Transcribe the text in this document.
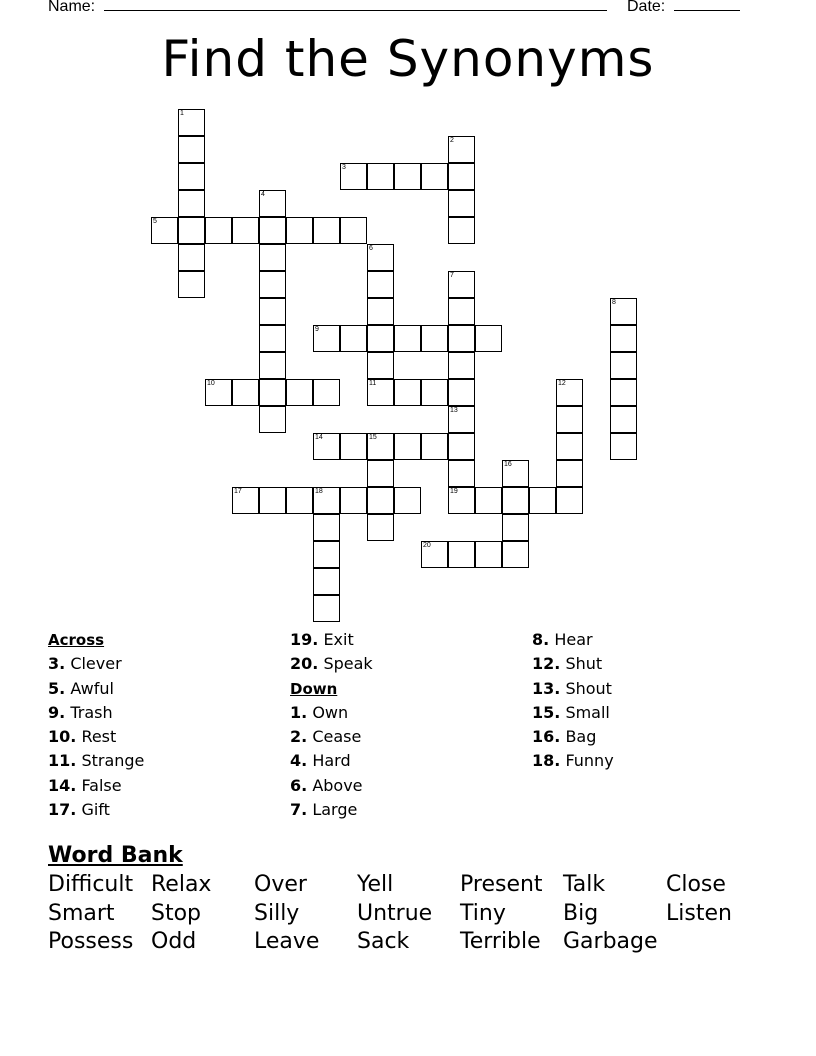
Name:	Date:
Find the Synonyms
1
2
3
4
5
6
7
8
9
10	11	12
13
19
14	15
16
17	18
20
Across
3. Clever
5. Awful
9. Trash
10. Rest
11. Strange
14. False
17. Gift
19. Exit
20. Speak
Down
1. Own
2. Cease
4. Hard
6. Above
7. Large
8. Hear
12. Shut
13. Shout
15. Small
16. Bag
18. Funny
Word Bank
Difficult Relax Over Yell	Present Talk	Close
Smart Stop Silly	Untrue Tiny	Big	Listen
Possess Odd	Leave Sack Terrible Garbage
